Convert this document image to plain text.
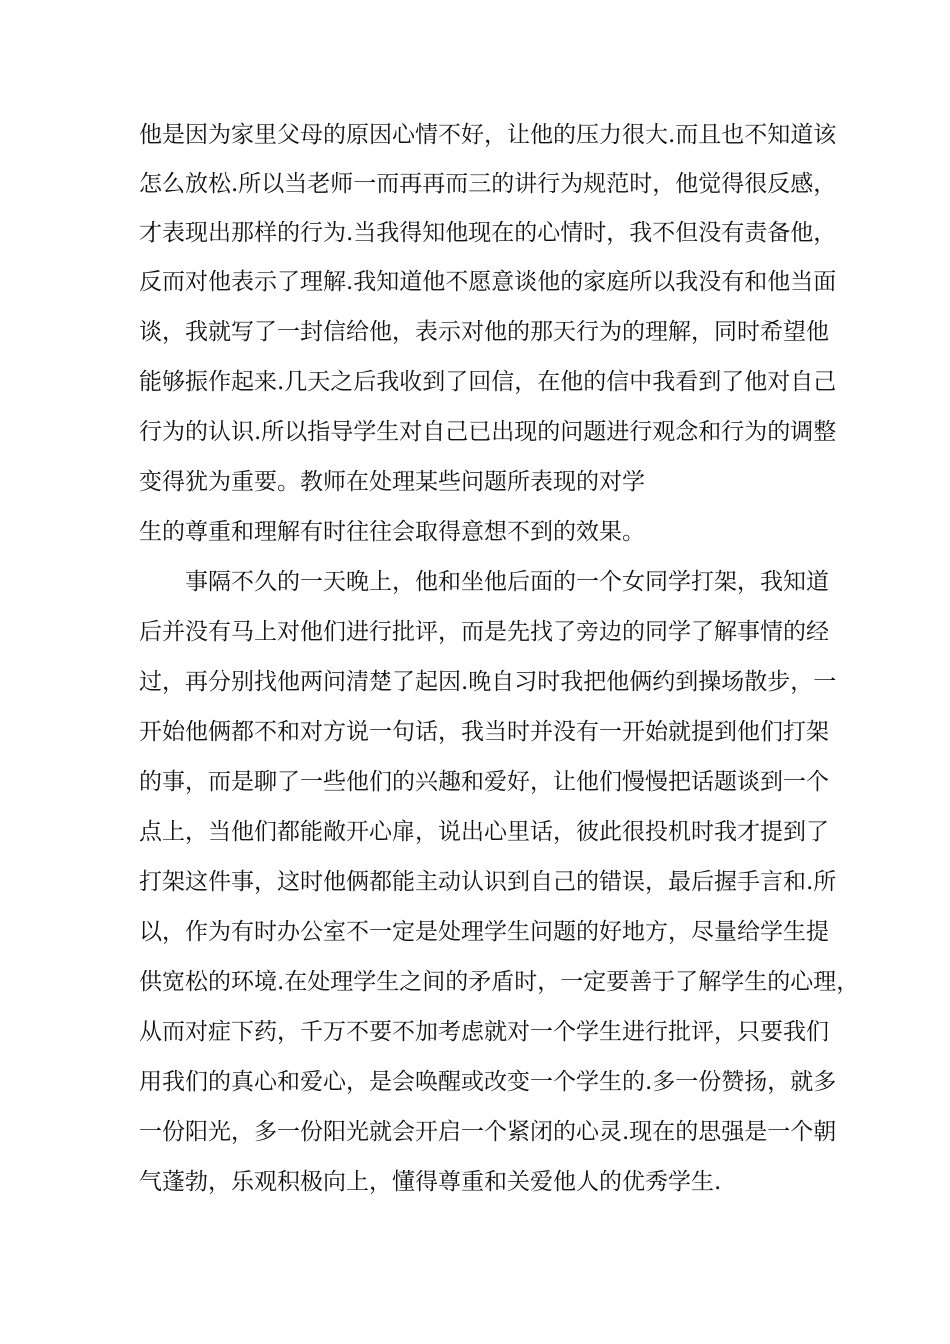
他是因为家里父母的原因心情不好，让他的压力很大.而且也不知道该
怎么放松.所以当老师一而再再而三的讲行为规范时，他觉得很反感，
才表现出那样的行为.当我得知他现在的心情时，我不但没有责备他，
反而对他表示了理解.我知道他不愿意谈他的家庭所以我没有和他当面
谈，我就写了一封信给他，表示对他的那天行为的理解，同时希望他
能够振作起来.几天之后我收到了回信，在他的信中我看到了他对自己
行为的认识.所以指导学生对自己已出现的问题进行观念和行为的调整
变得犹为重要。教师在处理某些问题所表现的对学
生的尊重和理解有时往往会取得意想不到的效果。
事隔不久的一天晚上，他和坐他后面的一个女同学打架，我知道
后并没有马上对他们进行批评，而是先找了旁边的同学了解事情的经
过，再分别找他两问清楚了起因.晚自习时我把他俩约到操场散步，一
开始他俩都不和对方说一句话，我当时并没有一开始就提到他们打架
的事，而是聊了一些他们的兴趣和爱好，让他们慢慢把话题谈到一个
点上，当他们都能敞开心扉，说出心里话，彼此很投机时我才提到了
打架这件事，这时他俩都能主动认识到自己的错误，最后握手言和.所
以，作为有时办公室不一定是处理学生问题的好地方，尽量给学生提
供宽松的环境.在处理学生之间的矛盾时，一定要善于了解学生的心理，
从而对症下药，千万不要不加考虑就对一个学生进行批评，只要我们
用我们的真心和爱心，是会唤醒或改变一个学生的.多一份赞扬，就多
一份阳光，多一份阳光就会开启一个紧闭的心灵.现在的思强是一个朝
气蓬勃，乐观积极向上，懂得尊重和关爱他人的优秀学生.
